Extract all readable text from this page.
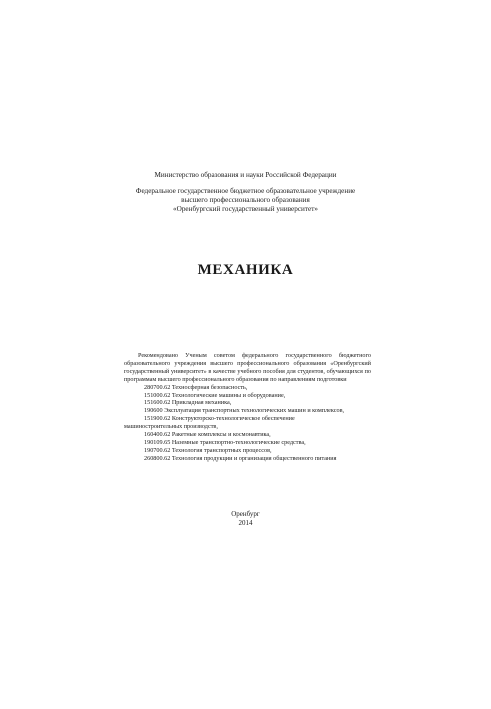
Министерство образования и науки Российской Федерации
Федеральное государственное бюджетное образовательное учреждение
высшего профессионального образования
«Оренбургский государственный университет»
МЕХАНИКА

Рекомендовано Ученым советом федерального государственного бюджетного образовательного учреждения высшего профессионального образования «Оренбургский государственный университет» в качестве учебного пособия для студентов, обучающихся по программам высшего профессионального образования по направлениям подготовки

280700.62 Техносферная безопасность,
151000.62 Технологические машины и оборудование,
151600.62 Прикладная механика,
190600 Эксплуатация транспортных технологических машин и комплексов,
151900.62 Конструкторско-технологическое обеспечение
машиностроительных производств,
160400.62 Ракетные комплексы и космонавтика,
190109.65 Наземные транспортно-технологические средства,
190700.62 Технология транспортных процессов,
260800.62 Технология продукции и организация общественного питания
Оренбург
2014
